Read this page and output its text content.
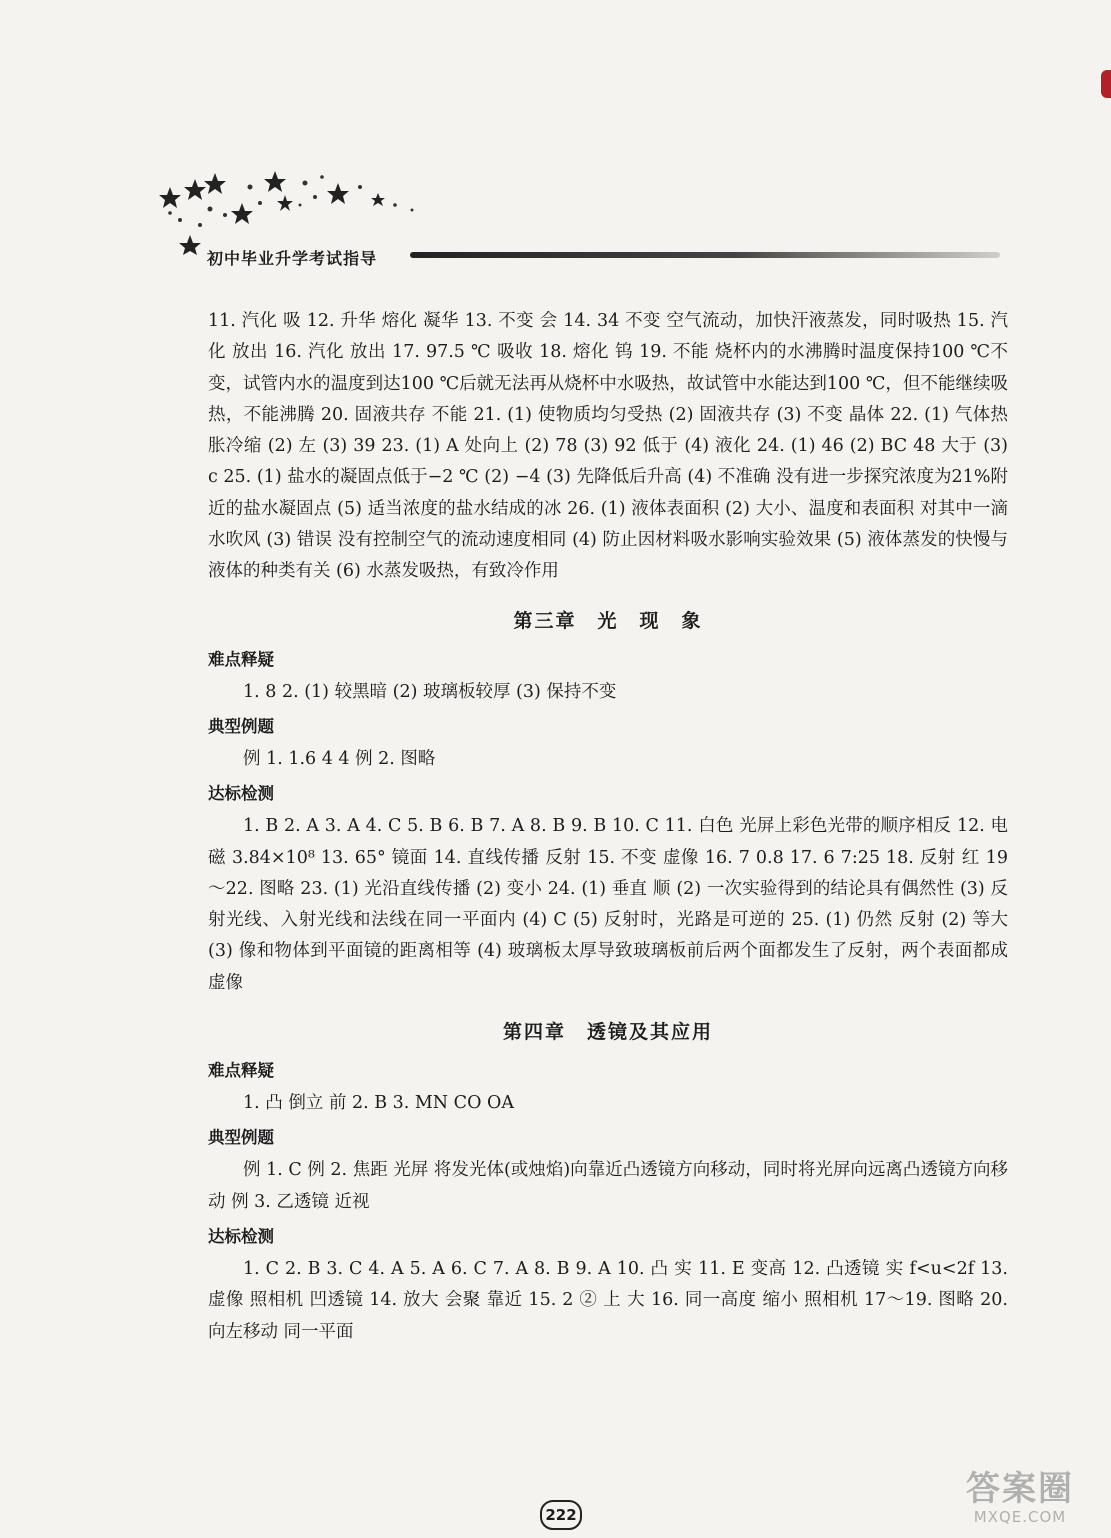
初中毕业升学考试指导

11. 汽化 吸 12. 升华 熔化 凝华 13. 不变 会 14. 34 不变 空气流动，加快汗液蒸发，同时吸热 15. 汽化 放出 16. 汽化 放出 17. 97.5 ℃ 吸收 18. 熔化 钨 19. 不能 烧杯内的水沸腾时温度保持100 ℃不变，试管内水的温度到达100 ℃后就无法再从烧杯中水吸热，故试管中水能达到100 ℃，但不能继续吸热，不能沸腾 20. 固液共存 不能 21. (1) 使物质均匀受热 (2) 固液共存 (3) 不变 晶体 22. (1) 气体热胀冷缩 (2) 左 (3) 39 23. (1) A 处向上 (2) 78 (3) 92 低于 (4) 液化 24. (1) 46 (2) BC 48 大于 (3) c 25. (1) 盐水的凝固点低于−2 ℃ (2) −4 (3) 先降低后升高 (4) 不准确 没有进一步探究浓度为21%附近的盐水凝固点 (5) 适当浓度的盐水结成的冰 26. (1) 液体表面积 (2) 大小、温度和表面积 对其中一滴水吹风 (3) 错误 没有控制空气的流动速度相同 (4) 防止因材料吸水影响实验效果 (5) 液体蒸发的快慢与液体的种类有关 (6) 水蒸发吸热，有致冷作用

第三章　光　现　象
难点释疑

1. 8 2. (1) 较黑暗 (2) 玻璃板较厚 (3) 保持不变

典型例题

例 1. 1.6 4 4 例 2. 图略

达标检测

1. B 2. A 3. A 4. C 5. B 6. B 7. A 8. B 9. B 10. C 11. 白色 光屏上彩色光带的顺序相反 12. 电磁 3.84×10⁸ 13. 65° 镜面 14. 直线传播 反射 15. 不变 虚像 16. 7 0.8 17. 6 7:25 18. 反射 红 19～22. 图略 23. (1) 光沿直线传播 (2) 变小 24. (1) 垂直 顺 (2) 一次实验得到的结论具有偶然性 (3) 反射光线、入射光线和法线在同一平面内 (4) C (5) 反射时，光路是可逆的 25. (1) 仍然 反射 (2) 等大 (3) 像和物体到平面镜的距离相等 (4) 玻璃板太厚导致玻璃板前后两个面都发生了反射，两个表面都成虚像

第四章　透镜及其应用
难点释疑

1. 凸 倒立 前 2. B 3. MN CO OA

典型例题

例 1. C 例 2. 焦距 光屏 将发光体(或烛焰)向靠近凸透镜方向移动，同时将光屏向远离凸透镜方向移动 例 3. 乙透镜 近视

达标检测

1. C 2. B 3. C 4. A 5. A 6. C 7. A 8. B 9. A 10. 凸 实 11. E 变高 12. 凸透镜 实 f<u<2f 13. 虚像 照相机 凹透镜 14. 放大 会聚 靠近 15. 2 ② 上 大 16. 同一高度 缩小 照相机 17～19. 图略 20. 向左移动 同一平面

222
答案圈
MXQE.COM
